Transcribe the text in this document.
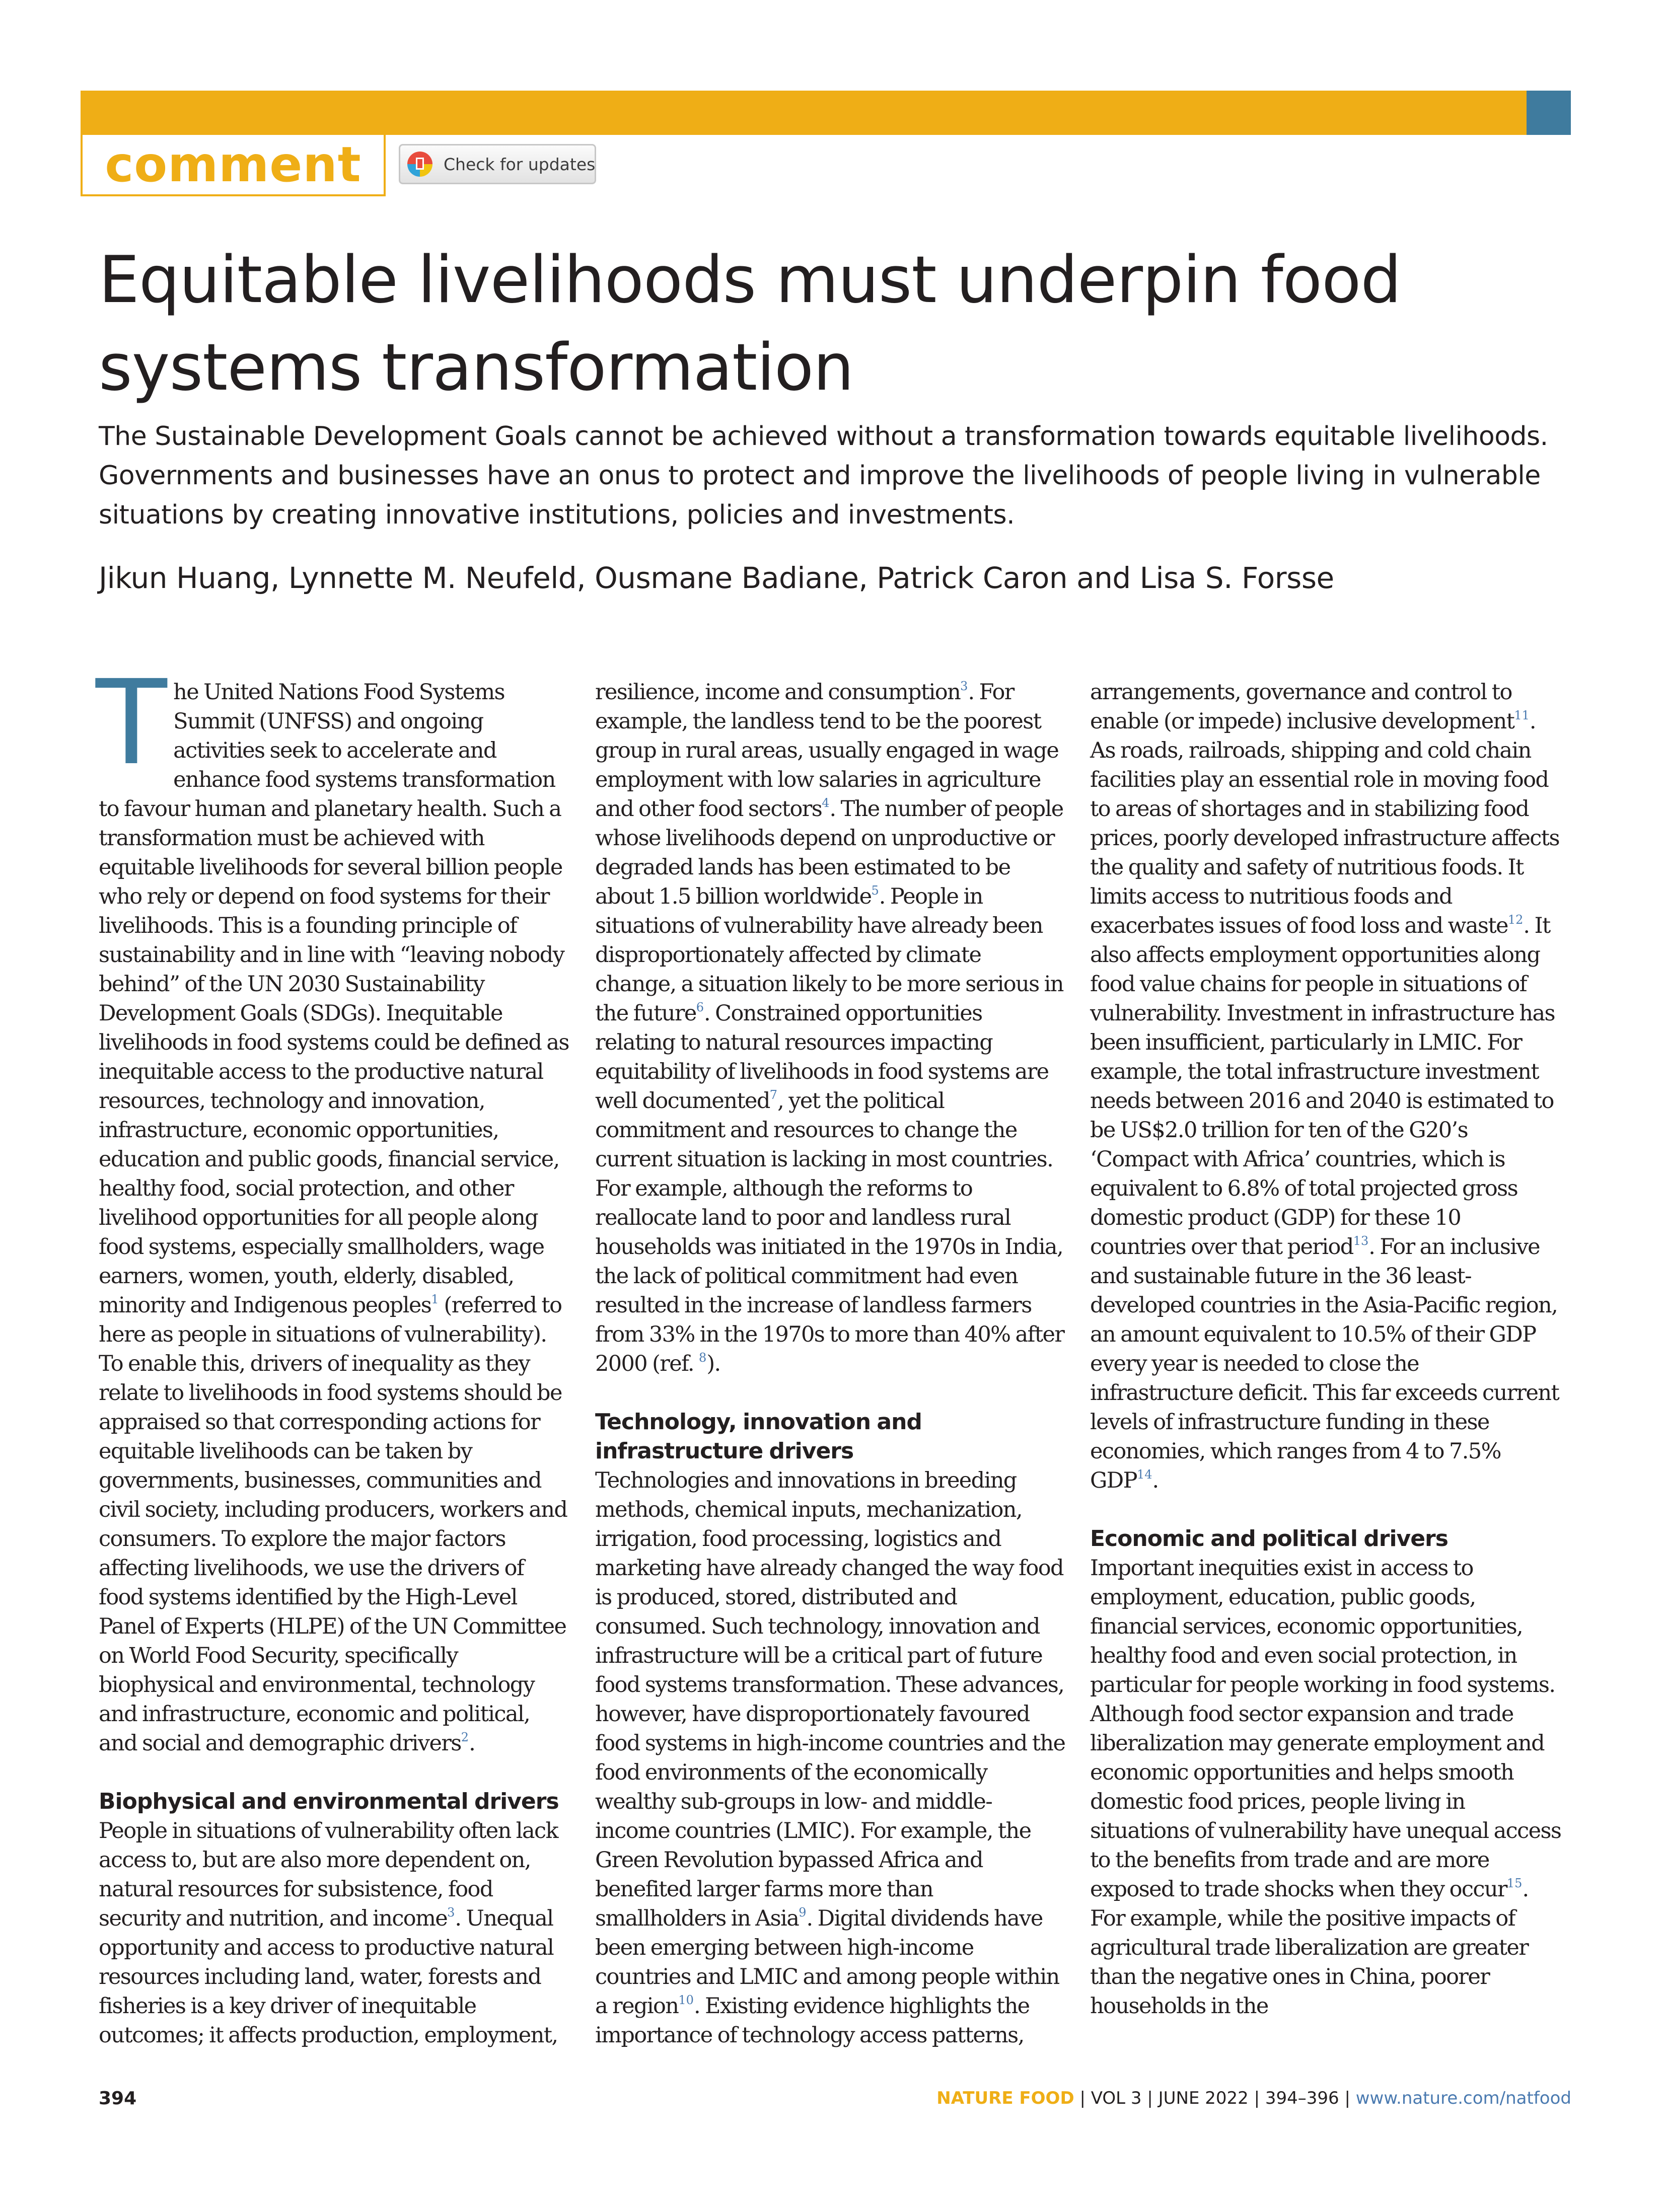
comment	Check for updates
Equitable livelihoods must underpin food systems transformation

The Sustainable Development Goals cannot be achieved without a transformation towards equitable livelihoods. Governments and businesses have an onus to protect and improve the livelihoods of people living in vulnerable situations by creating innovative institutions, policies and investments.

Jikun Huang, Lynnette M. Neufeld, Ousmane Badiane, Patrick Caron and Lisa S. Forsse

The United Nations Food Systems Summit (UNFSS) and ongoing activities seek to accelerate and enhance food systems transformation to favour human and planetary health. Such a transformation must be achieved with equitable livelihoods for several billion people who rely or depend on food systems for their livelihoods. This is a founding principle of sustainability and in line with “leaving nobody behind” of the UN 2030 Sustainability Development Goals (SDGs). Inequitable livelihoods in food systems could be defined as inequitable access to the productive natural resources, technology and innovation, infrastructure, economic opportunities, education and public goods, financial service, healthy food, social protection, and other livelihood opportunities for all people along food systems, especially smallholders, wage earners, women, youth, elderly, disabled, minority and Indigenous peoples$^1$ (referred to here as people in situations of vulnerability). To enable this, drivers of inequality as they relate to livelihoods in food systems should be appraised so that corresponding actions for equitable livelihoods can be taken by governments, businesses, communities and civil society, including producers, workers and consumers. To explore the major factors affecting livelihoods, we use the drivers of food systems identified by the High-Level Panel of Experts (HLPE) of the UN Committee on World Food Security, specifically biophysical and environmental, technology and infrastructure, economic and political, and social and demographic drivers$^2$.

Biophysical and environmental drivers

People in situations of vulnerability often lack access to, but are also more dependent on, natural resources for subsistence, food security and nutrition, and income$^3$. Unequal opportunity and access to productive natural resources including land, water, forests and fisheries is a key driver of inequitable outcomes; it affects production, employment,

resilience, income and consumption$^3$. For example, the landless tend to be the poorest group in rural areas, usually engaged in wage employment with low salaries in agriculture and other food sectors$^4$. The number of people whose livelihoods depend on unproductive or degraded lands has been estimated to be about 1.5 billion worldwide$^5$. People in situations of vulnerability have already been disproportionately affected by climate change, a situation likely to be more serious in the future$^6$. Constrained opportunities relating to natural resources impacting equitability of livelihoods in food systems are well documented$^7$, yet the political commitment and resources to change the current situation is lacking in most countries. For example, although the reforms to reallocate land to poor and landless rural households was initiated in the 1970s in India, the lack of political commitment had even resulted in the increase of landless farmers from 33% in the 1970s to more than 40% after 2000 (ref. $^8$).

Technology, innovation and infrastructure drivers

Technologies and innovations in breeding methods, chemical inputs, mechanization, irrigation, food processing, logistics and marketing have already changed the way food is produced, stored, distributed and consumed. Such technology, innovation and infrastructure will be a critical part of future food systems transformation. These advances, however, have disproportionately favoured food systems in high-income countries and the food environments of the economically wealthy sub-groups in low- and middle-income countries (LMIC). For example, the Green Revolution bypassed Africa and benefited larger farms more than smallholders in Asia$^9$. Digital dividends have been emerging between high-income countries and LMIC and among people within a region$^{10}$. Existing evidence highlights the importance of technology access patterns,

arrangements, governance and control to enable (or impede) inclusive development$^{11}$. As roads, railroads, shipping and cold chain facilities play an essential role in moving food to areas of shortages and in stabilizing food prices, poorly developed infrastructure affects the quality and safety of nutritious foods. It limits access to nutritious foods and exacerbates issues of food loss and waste$^{12}$. It also affects employment opportunities along food value chains for people in situations of vulnerability. Investment in infrastructure has been insufficient, particularly in LMIC. For example, the total infrastructure investment needs between 2016 and 2040 is estimated to be US$2.0 trillion for ten of the G20’s ‘Compact with Africa’ countries, which is equivalent to 6.8% of total projected gross domestic product (GDP) for these 10 countries over that period$^{13}$. For an inclusive and sustainable future in the 36 least-developed countries in the Asia-Pacific region, an amount equivalent to 10.5% of their GDP every year is needed to close the infrastructure deficit. This far exceeds current levels of infrastructure funding in these economies, which ranges from 4 to 7.5% GDP$^{14}$.

Economic and political drivers

Important inequities exist in access to employment, education, public goods, financial services, economic opportunities, healthy food and even social protection, in particular for people working in food systems. Although food sector expansion and trade liberalization may generate employment and economic opportunities and helps smooth domestic food prices, people living in situations of vulnerability have unequal access to the benefits from trade and are more exposed to trade shocks when they occur$^{15}$. For example, while the positive impacts of agricultural trade liberalization are greater than the negative ones in China, poorer households in the

394	NATURE FOOD | VOL 3 | JUNE 2022 | 394–396 | www.nature.com/natfood
